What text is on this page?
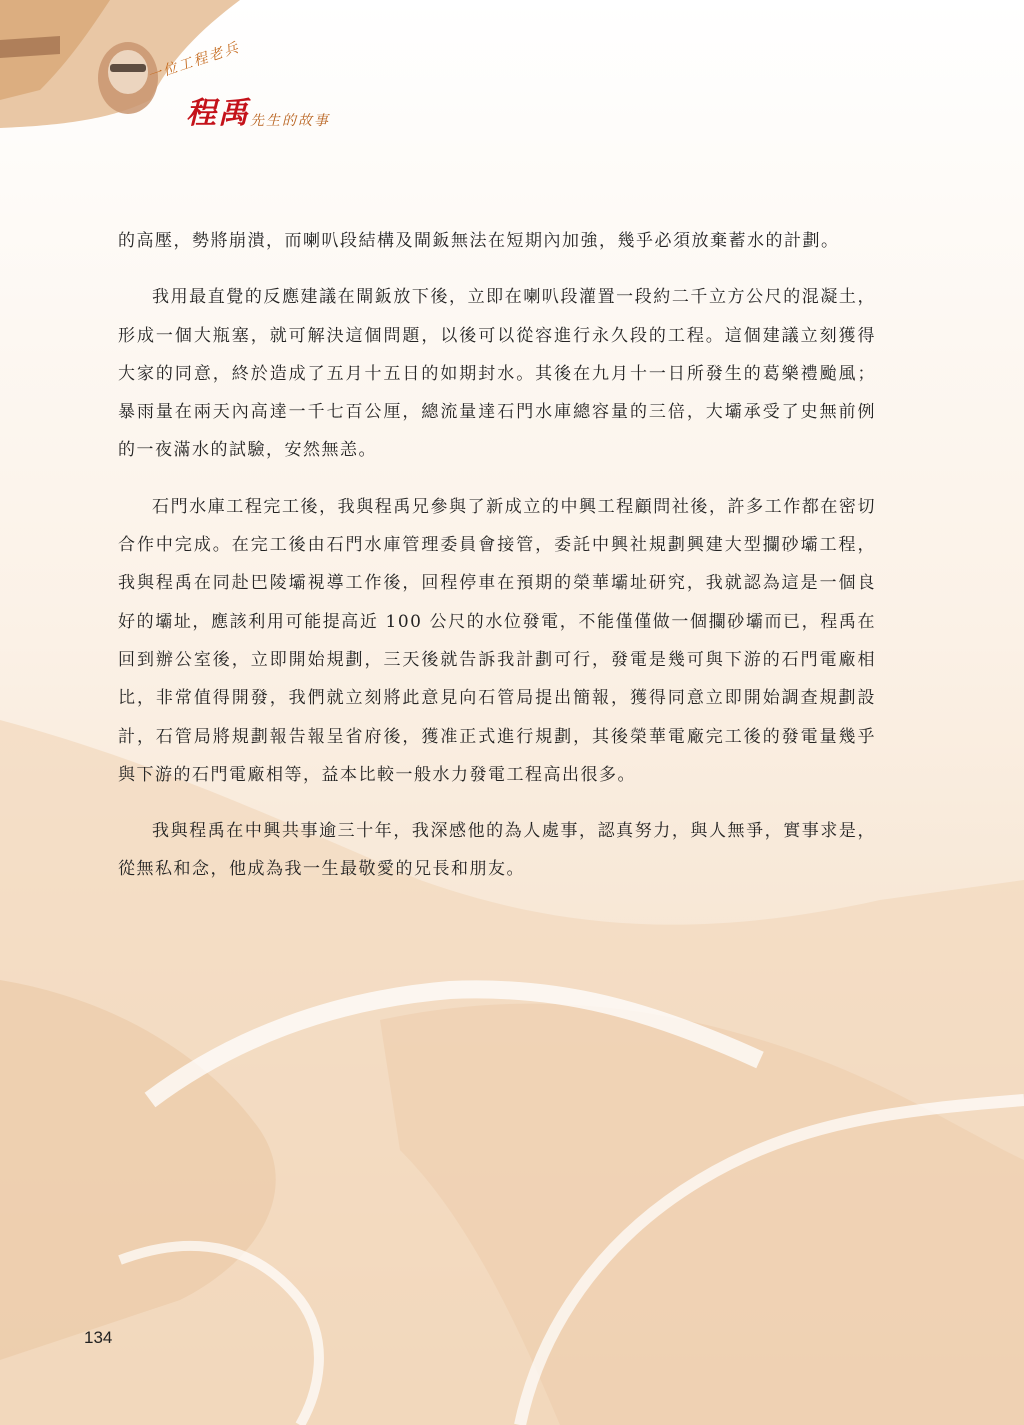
一位工程老兵
程禹 先生的故事

的高壓，勢將崩潰，而喇叭段結構及閘鈑無法在短期內加強，幾乎必須放棄蓄水的計劃。

我用最直覺的反應建議在閘鈑放下後，立即在喇叭段灌置一段約二千立方公尺的混凝土，形成一個大瓶塞，就可解決這個問題，以後可以從容進行永久段的工程。這個建議立刻獲得大家的同意，終於造成了五月十五日的如期封水。其後在九月十一日所發生的葛樂禮颱風；暴雨量在兩天內高達一千七百公厘，總流量達石門水庫總容量的三倍，大壩承受了史無前例的一夜滿水的試驗，安然無恙。

石門水庫工程完工後，我與程禹兄參與了新成立的中興工程顧問社後，許多工作都在密切合作中完成。在完工後由石門水庫管理委員會接管，委託中興社規劃興建大型攔砂壩工程，我與程禹在同赴巴陵壩視導工作後，回程停車在預期的榮華壩址研究，我就認為這是一個良好的壩址，應該利用可能提高近 100 公尺的水位發電，不能僅僅做一個攔砂壩而已，程禹在回到辦公室後，立即開始規劃，三天後就告訴我計劃可行，發電是幾可與下游的石門電廠相比，非常值得開發，我們就立刻將此意見向石管局提出簡報，獲得同意立即開始調查規劃設計，石管局將規劃報告報呈省府後，獲准正式進行規劃，其後榮華電廠完工後的發電量幾乎與下游的石門電廠相等，益本比較一般水力發電工程高出很多。

我與程禹在中興共事逾三十年，我深感他的為人處事，認真努力，與人無爭，實事求是，從無私和念，他成為我一生最敬愛的兄長和朋友。

134
